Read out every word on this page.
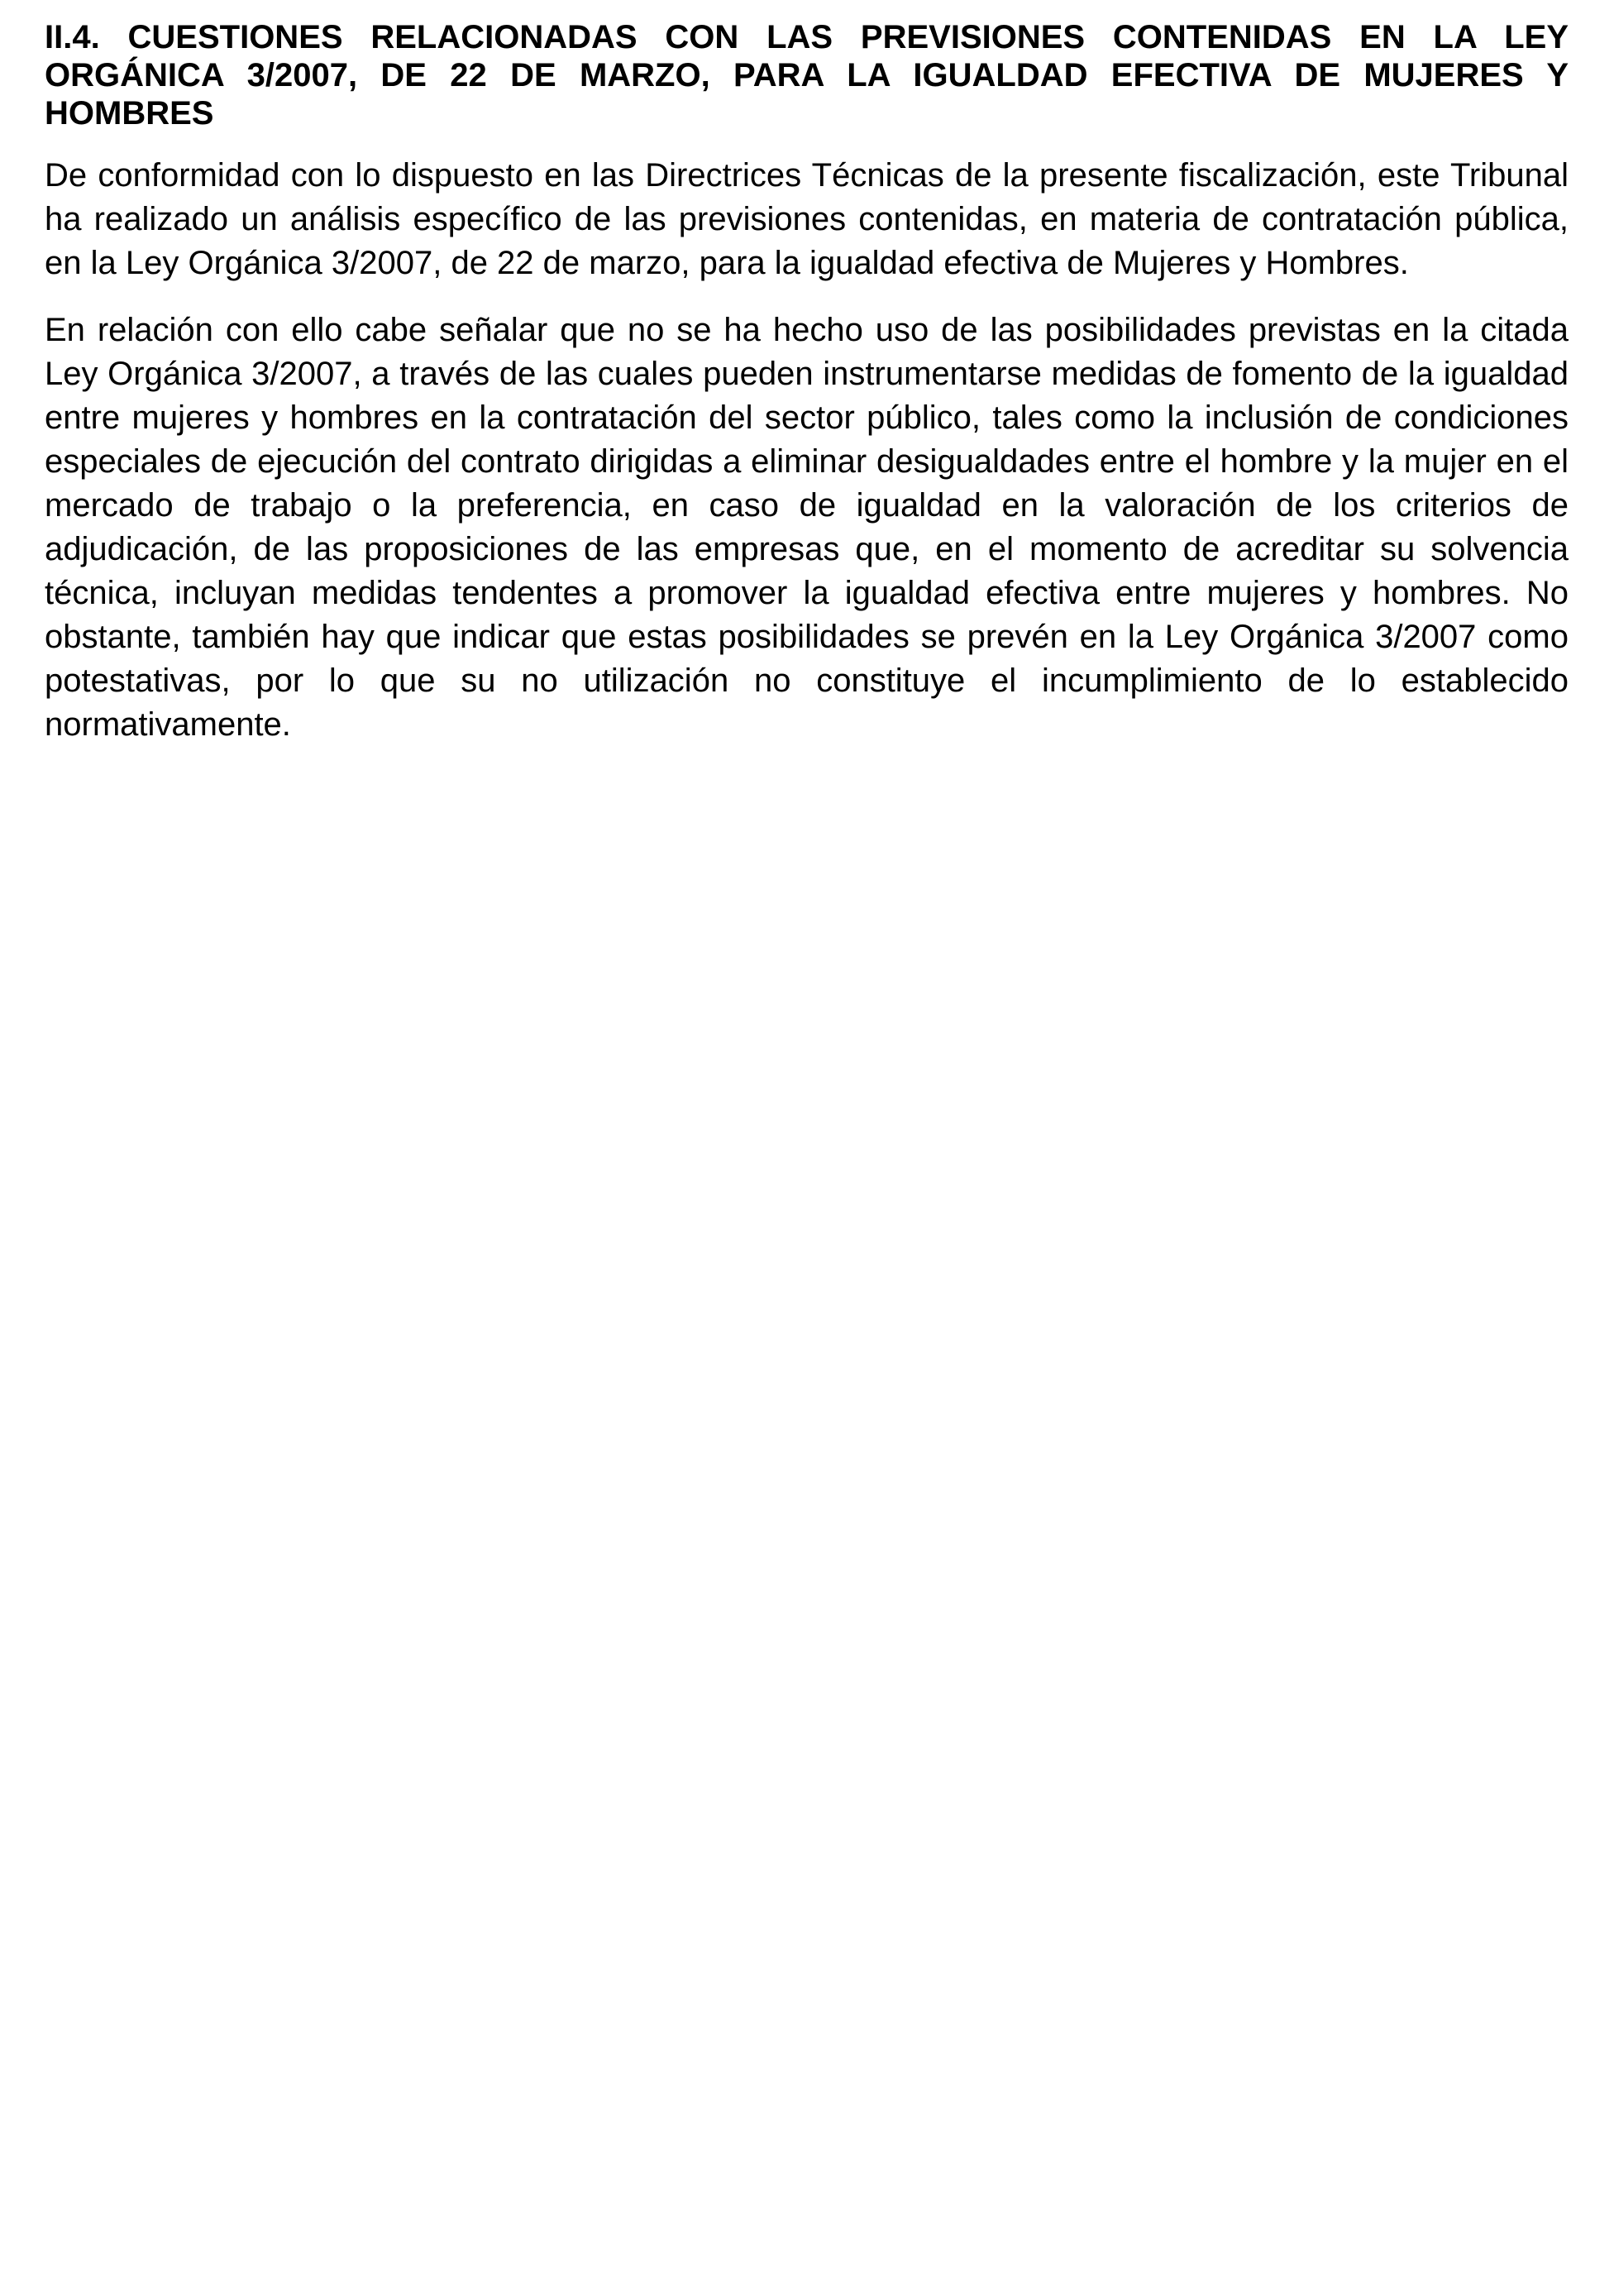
II.4. CUESTIONES RELACIONADAS CON LAS PREVISIONES CONTENIDAS EN LA LEY ORGÁNICA 3/2007, DE 22 DE MARZO, PARA LA IGUALDAD EFECTIVA DE MUJERES Y HOMBRES

De conformidad con lo dispuesto en las Directrices Técnicas de la presente fiscalización, este Tribunal ha realizado un análisis específico de las previsiones contenidas, en materia de contratación pública, en la Ley Orgánica 3/2007, de 22 de marzo, para la igualdad efectiva de Mujeres y Hombres.

En relación con ello cabe señalar que no se ha hecho uso de las posibilidades previstas en la citada Ley Orgánica 3/2007, a través de las cuales pueden instrumentarse medidas de fomento de la igualdad entre mujeres y hombres en la contratación del sector público, tales como la inclusión de condiciones especiales de ejecución del contrato dirigidas a eliminar desigualdades entre el hombre y la mujer en el mercado de trabajo o la preferencia, en caso de igualdad en la valoración de los criterios de adjudicación, de las proposiciones de las empresas que, en el momento de acreditar su solvencia técnica, incluyan medidas tendentes a promover la igualdad efectiva entre mujeres y hombres. No obstante, también hay que indicar que estas posibilidades se prevén en la Ley Orgánica 3/2007 como potestativas, por lo que su no utilización no constituye el incumplimiento de lo establecido normativamente.
